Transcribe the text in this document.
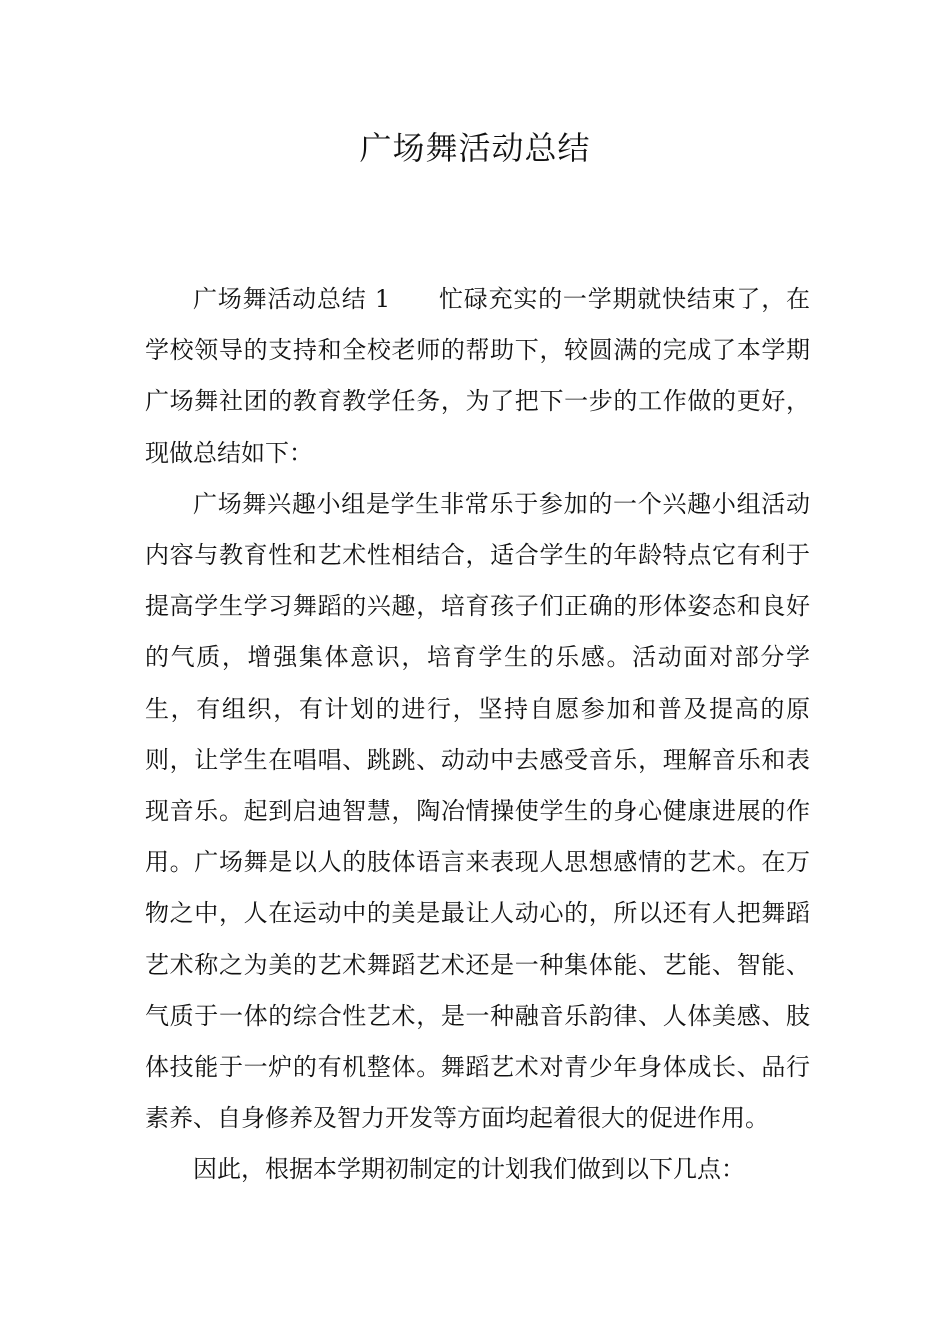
广场舞活动总结

广场舞活动总结 1 忙碌充实的一学期就快结束了，在学校领导的支持和全校老师的帮助下，较圆满的完成了本学期广场舞社团的教育教学任务，为了把下一步的工作做的更好，现做总结如下：

广场舞兴趣小组是学生非常乐于参加的一个兴趣小组活动内容与教育性和艺术性相结合，适合学生的年龄特点它有利于提高学生学习舞蹈的兴趣，培育孩子们正确的形体姿态和良好的气质，增强集体意识，培育学生的乐感。活动面对部分学生，有组织，有计划的进行，坚持自愿参加和普及提高的原则，让学生在唱唱、跳跳、动动中去感受音乐，理解音乐和表现音乐。起到启迪智慧，陶冶情操使学生的身心健康进展的作用。广场舞是以人的肢体语言来表现人思想感情的艺术。在万物之中，人在运动中的美是最让人动心的，所以还有人把舞蹈艺术称之为美的艺术舞蹈艺术还是一种集体能、艺能、智能、气质于一体的综合性艺术，是一种融音乐韵律、人体美感、肢体技能于一炉的有机整体。舞蹈艺术对青少年身体成长、品行素养、自身修养及智力开发等方面均起着很大的促进作用。

因此，根据本学期初制定的计划我们做到以下几点：
